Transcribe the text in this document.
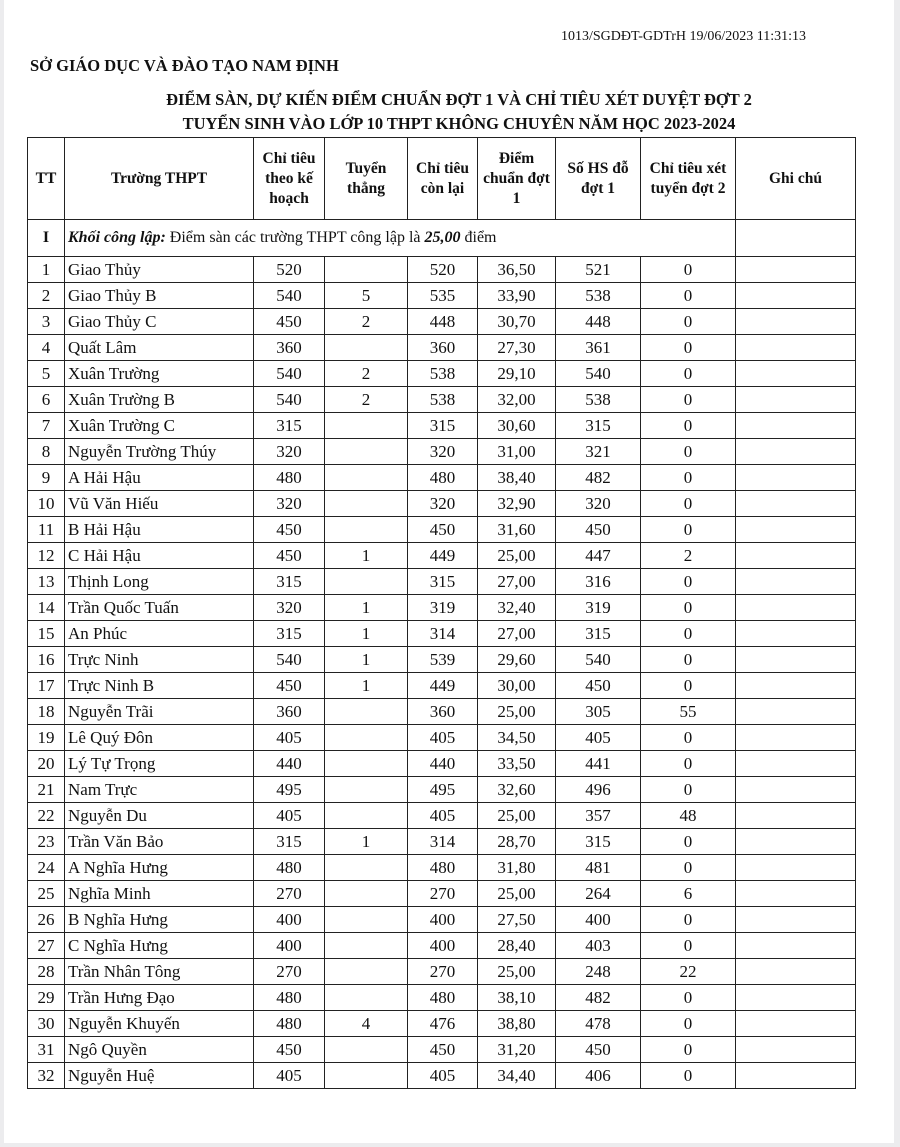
1013/SGDĐT-GDTrH 19/06/2023 11:31:13
SỞ GIÁO DỤC VÀ ĐÀO TẠO NAM ĐỊNH
ĐIỂM SÀN, DỰ KIẾN ĐIỂM CHUẨN ĐỢT 1 VÀ CHỈ TIÊU XÉT DUYỆT ĐỢT 2
TUYỂN SINH VÀO LỚP 10 THPT KHÔNG CHUYÊN NĂM HỌC 2023-2024
TT	Trường THPT	Chỉ tiêu theo kế hoạch	Tuyển thẳng	Chỉ tiêu còn lại	Điểm chuẩn đợt 1	Số HS đỗ đợt 1	Chỉ tiêu xét tuyển đợt 2	Ghi chú
I	Khối công lập: Điểm sàn các trường THPT công lập là 25,00 điểm							
1	Giao Thủy	520		520	36,50	521	0	
2	Giao Thủy B	540	5	535	33,90	538	0	
3	Giao Thủy C	450	2	448	30,70	448	0	
4	Quất Lâm	360		360	27,30	361	0	
5	Xuân Trường	540	2	538	29,10	540	0	
6	Xuân Trường B	540	2	538	32,00	538	0	
7	Xuân Trường C	315		315	30,60	315	0	
8	Nguyễn Trường Thúy	320		320	31,00	321	0	
9	A Hải Hậu	480		480	38,40	482	0	
10	Vũ Văn Hiếu	320		320	32,90	320	0	
11	B Hải Hậu	450		450	31,60	450	0	
12	C Hải Hậu	450	1	449	25,00	447	2	
13	Thịnh Long	315		315	27,00	316	0	
14	Trần Quốc Tuấn	320	1	319	32,40	319	0	
15	An Phúc	315	1	314	27,00	315	0	
16	Trực Ninh	540	1	539	29,60	540	0	
17	Trực Ninh B	450	1	449	30,00	450	0	
18	Nguyễn Trãi	360		360	25,00	305	55	
19	Lê Quý Đôn	405		405	34,50	405	0	
20	Lý Tự Trọng	440		440	33,50	441	0	
21	Nam Trực	495		495	32,60	496	0	
22	Nguyễn Du	405		405	25,00	357	48	
23	Trần Văn Bảo	315	1	314	28,70	315	0	
24	A Nghĩa Hưng	480		480	31,80	481	0	
25	Nghĩa Minh	270		270	25,00	264	6	
26	B Nghĩa Hưng	400		400	27,50	400	0	
27	C Nghĩa Hưng	400		400	28,40	403	0	
28	Trần Nhân Tông	270		270	25,00	248	22	
29	Trần Hưng Đạo	480		480	38,10	482	0	
30	Nguyễn Khuyến	480	4	476	38,80	478	0	
31	Ngô Quyền	450		450	31,20	450	0	
32	Nguyễn Huệ	405		405	34,40	406	0	
